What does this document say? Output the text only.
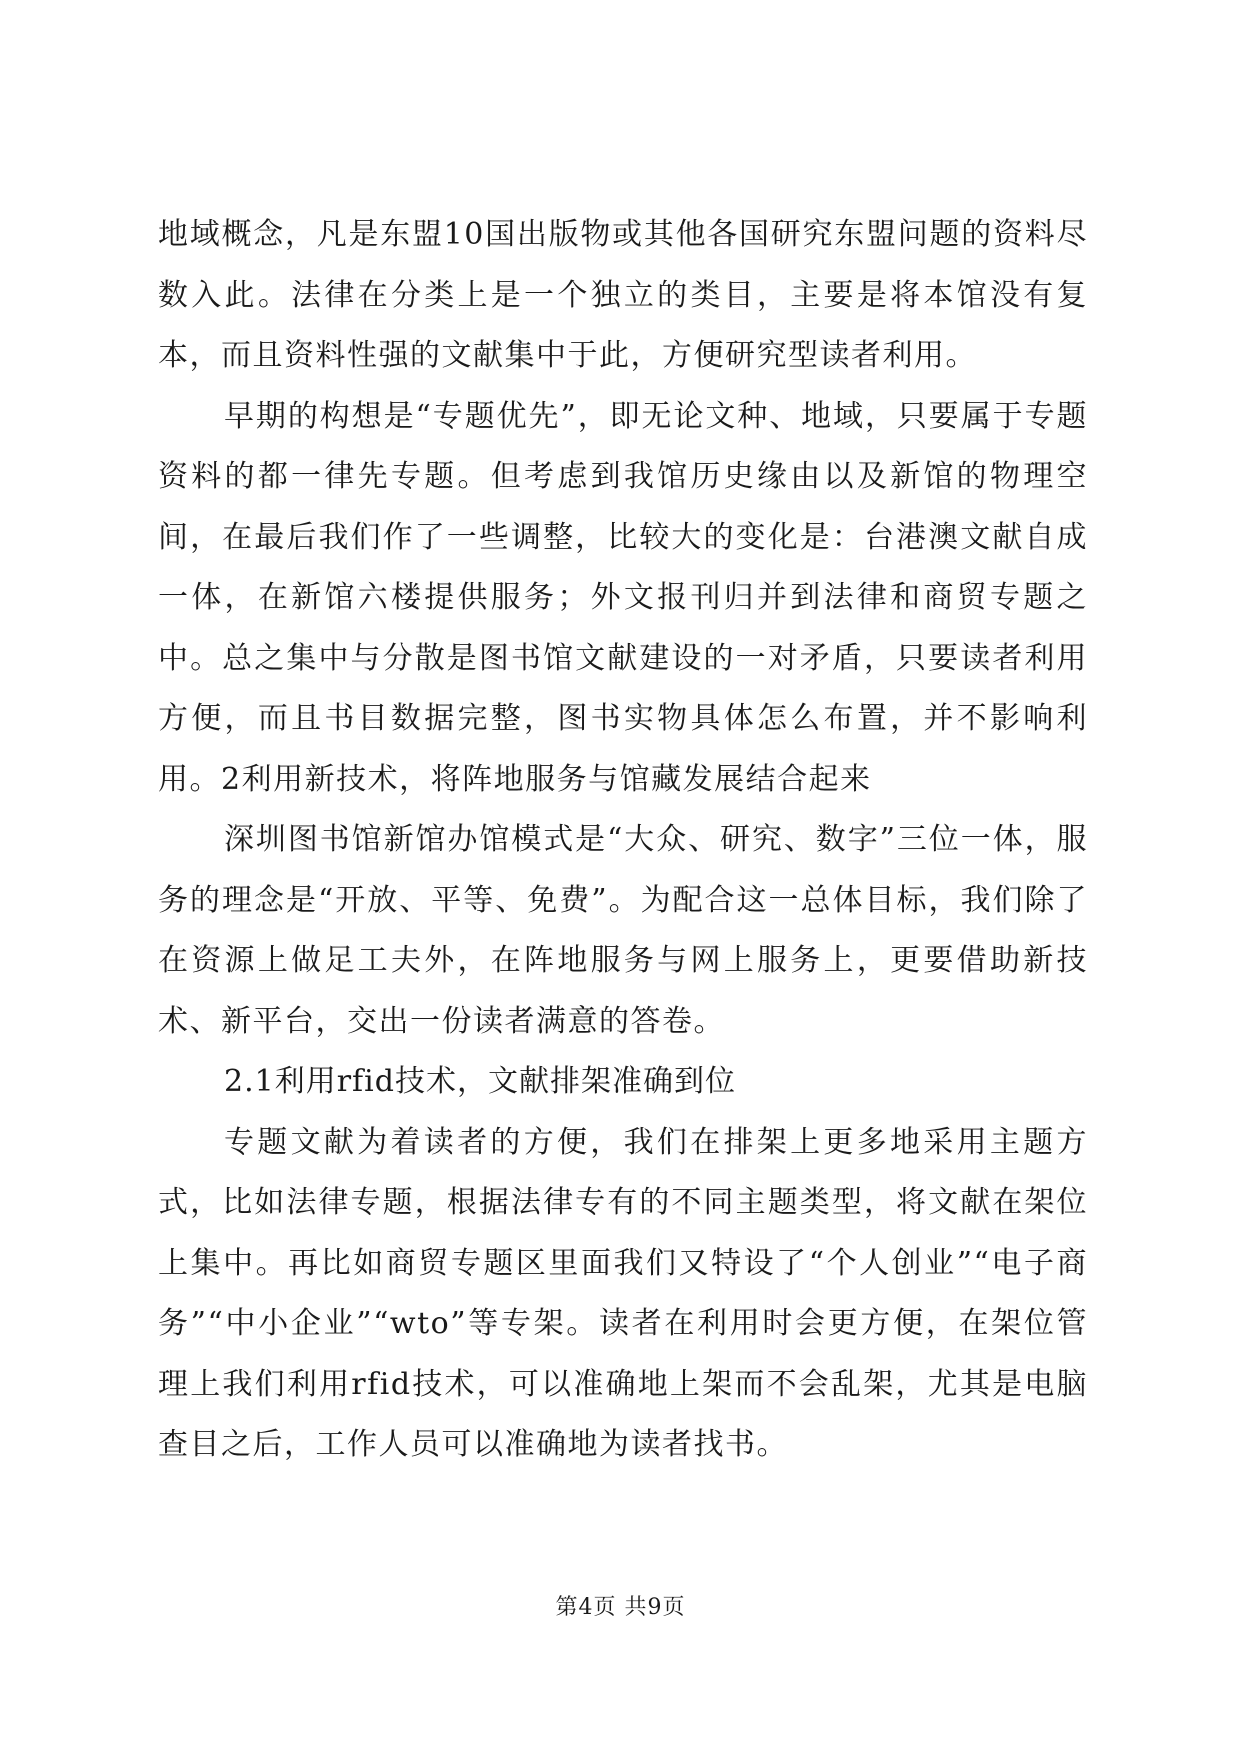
地域概念，凡是东盟10国出版物或其他各国研究东盟问题的资料尽数入此。法律在分类上是一个独立的类目，主要是将本馆没有复本，而且资料性强的文献集中于此，方便研究型读者利用。

早期的构想是“专题优先”，即无论文种、地域，只要属于专题资料的都一律先专题。但考虑到我馆历史缘由以及新馆的物理空间，在最后我们作了一些调整，比较大的变化是：台港澳文献自成一体，在新馆六楼提供服务；外文报刊归并到法律和商贸专题之中。总之集中与分散是图书馆文献建设的一对矛盾，只要读者利用方便，而且书目数据完整，图书实物具体怎么布置，并不影响利用。2利用新技术，将阵地服务与馆藏发展结合起来

深圳图书馆新馆办馆模式是“大众、研究、数字”三位一体，服务的理念是“开放、平等、免费”。为配合这一总体目标，我们除了在资源上做足工夫外，在阵地服务与网上服务上，更要借助新技术、新平台，交出一份读者满意的答卷。

2.1利用rfid技术，文献排架准确到位

专题文献为着读者的方便，我们在排架上更多地采用主题方式，比如法律专题，根据法律专有的不同主题类型，将文献在架位上集中。再比如商贸专题区里面我们又特设了“个人创业”“电子商务”“中小企业”“wto”等专架。读者在利用时会更方便，在架位管理上我们利用rfid技术，可以准确地上架而不会乱架，尤其是电脑查目之后，工作人员可以准确地为读者找书。

第4页 共9页
